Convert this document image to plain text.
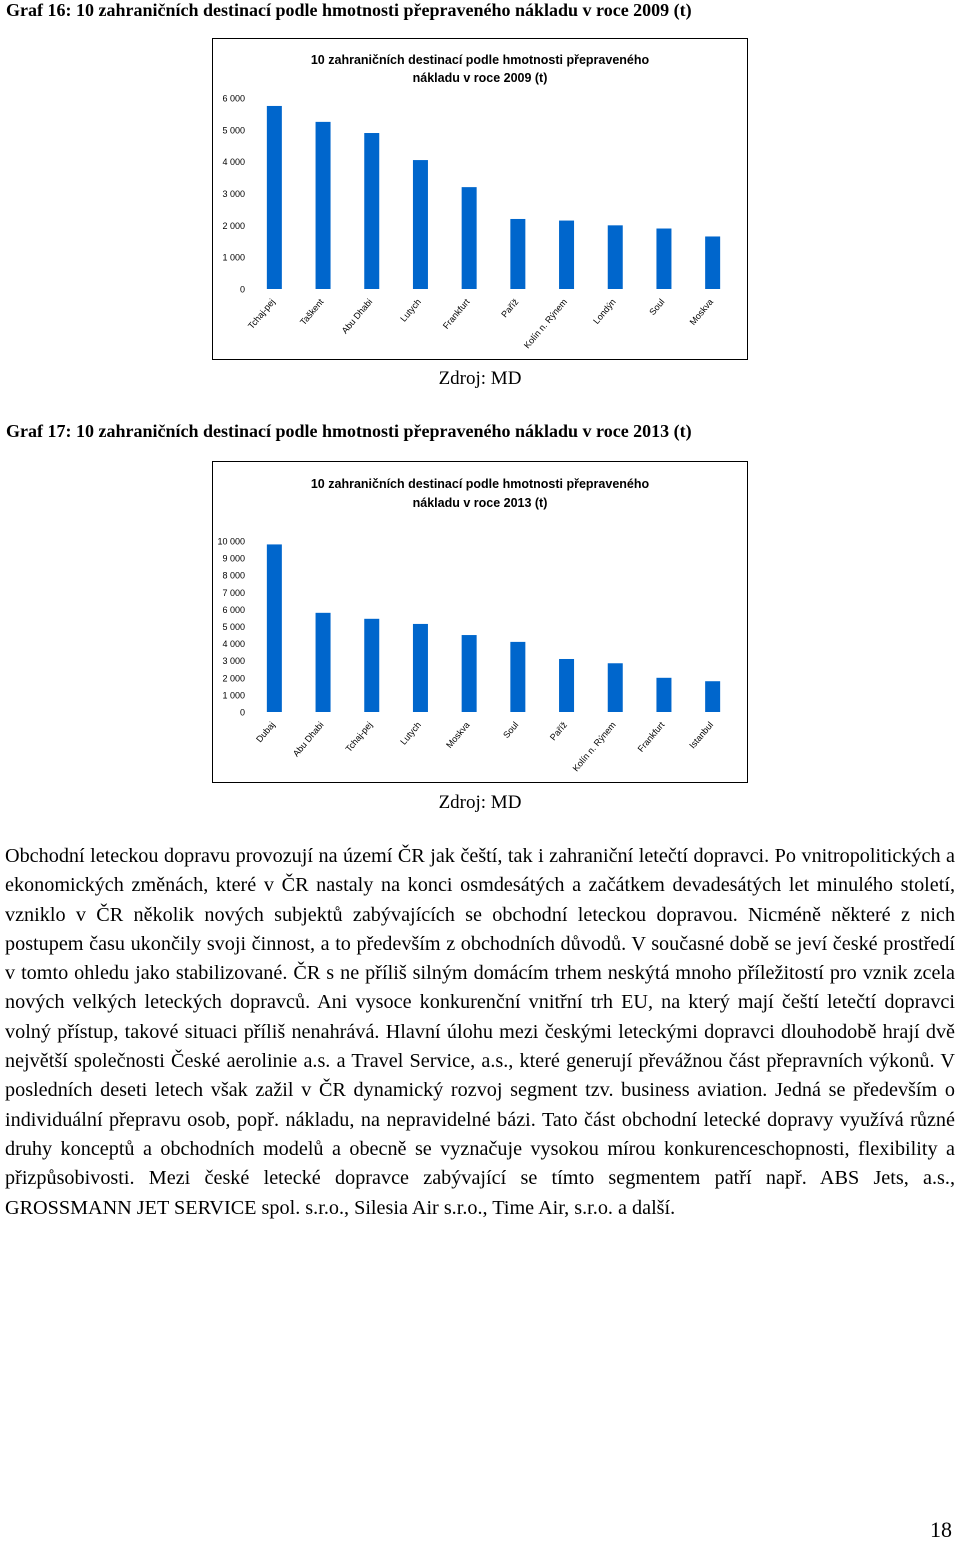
Graf 16: 10 zahraničních destinací podle hmotnosti přepraveného nákladu v roce 2009 (t)
10 zahraničních destinací podle hmotnosti přepraveného
nákladu v roce 2009 (t)
0
1 000
2 000
3 000
4 000
5 000
6 000
Tchaj-pej Taškent Abu Dhabi	Lutych Frankfurt	Paříž Kolín n. Rýnem Londýn	Soul Moskva
Zdroj: MD
Graf 17: 10 zahraničních destinací podle hmotnosti přepraveného nákladu v roce 2013 (t)
10 zahraničních destinací podle hmotnosti přepraveného
nákladu v roce 2013 (t)
0
1 000
2 000
3 000
4 000
5 000
6 000
7 000
8 000
9 000
10 000
Dubaj Abu Dhabi Tchaj-pej	Lutych Moskva	Soul	Paříž Kolín n. Rýnem Frankfurt Istanbul
Zdroj: MD

Obchodní leteckou dopravu provozují na území ČR jak čeští, tak i zahraniční letečtí dopravci. Po vnitropolitických a ekonomických změnách, které v ČR nastaly na konci osmdesátých a začátkem devadesátých let minulého století, vzniklo v ČR několik nových subjektů zabývajících se obchodní leteckou dopravou. Nicméně některé z nich postupem času ukončily svoji činnost, a to především z obchodních důvodů. V současné době se jeví české prostředí v tomto ohledu jako stabilizované. ČR s ne příliš silným domácím trhem neskýtá mnoho příležitostí pro vznik zcela nových velkých leteckých dopravců. Ani vysoce konkurenční vnitřní trh EU, na který mají čeští letečtí dopravci volný přístup, takové situaci příliš nenahrává. Hlavní úlohu mezi českými leteckými dopravci dlouhodobě hrají dvě největší společnosti České aerolinie a.s. a Travel Service, a.s., které generují převážnou část přepravních výkonů. V posledních deseti letech však zažil v ČR dynamický rozvoj segment tzv. business aviation. Jedná se především o individuální přepravu osob, popř. nákladu, na nepravidelné bázi. Tato část obchodní letecké dopravy využívá různé druhy konceptů a obchodních modelů a obecně se vyznačuje vysokou mírou konkurenceschopnosti, flexibility a přizpůsobivosti. Mezi české letecké dopravce zabývající se tímto segmentem patří např. ABS Jets, a.s., GROSSMANN JET SERVICE spol. s.r.o., Silesia Air s.r.o., Time Air, s.r.o. a další.

18
